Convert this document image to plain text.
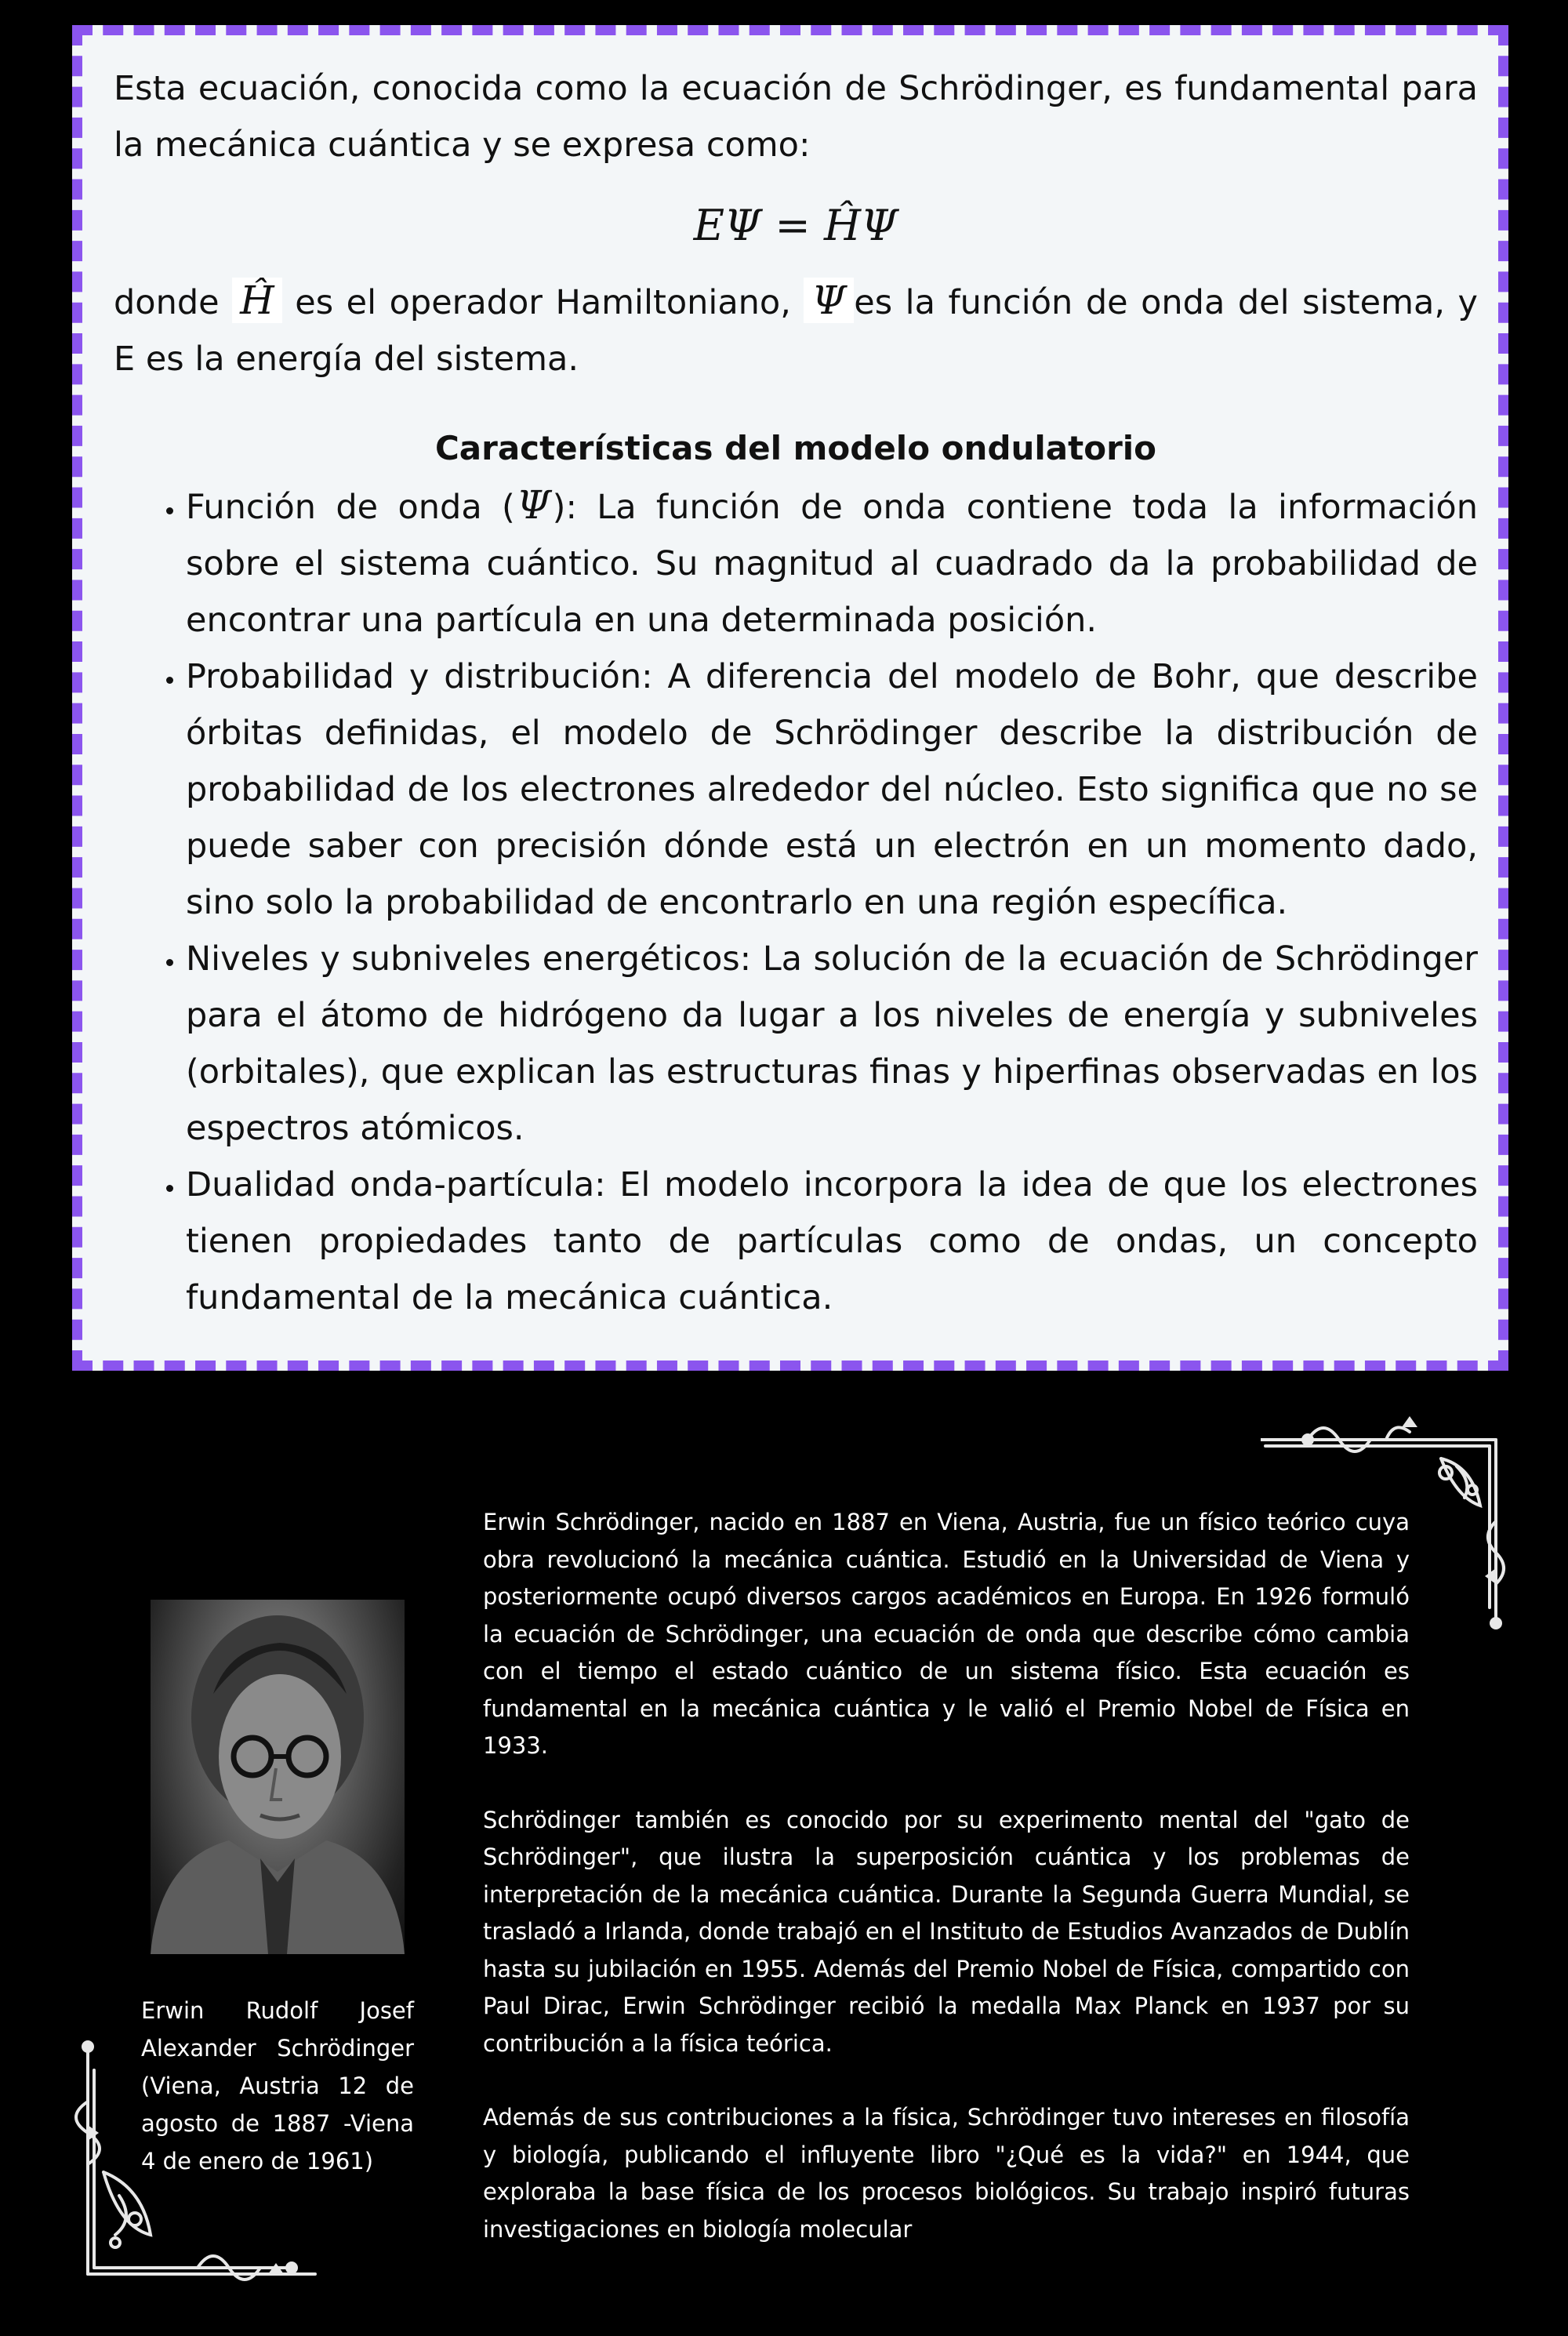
Esta ecuación, conocida como la ecuación de Schrödinger, es fundamental para la mecánica cuántica y se expresa como:

EΨ = ĤΨ

donde Ĥ es el operador Hamiltoniano, Ψ es la función de onda del sistema, y E es la energía del sistema.

Características del modelo ondulatorio
• Función de onda (Ψ): La función de onda contiene toda la información sobre el sistema cuántico. Su magnitud al cuadrado da la probabilidad de encontrar una partícula en una determinada posición.
• Probabilidad y distribución: A diferencia del modelo de Bohr, que describe órbitas definidas, el modelo de Schrödinger describe la distribución de probabilidad de los electrones alrededor del núcleo. Esto significa que no se puede saber con precisión dónde está un electrón en un momento dado, sino solo la probabilidad de encontrarlo en una región específica.
• Niveles y subniveles energéticos: La solución de la ecuación de Schrödinger para el átomo de hidrógeno da lugar a los niveles de energía y subniveles (orbitales), que explican las estructuras finas y hiperfinas observadas en los espectros atómicos.
• Dualidad onda-partícula: El modelo incorpora la idea de que los electrones tienen propiedades tanto de partículas como de ondas, un concepto fundamental de la mecánica cuántica.

Erwin Schrödinger, nacido en 1887 en Viena, Austria, fue un físico teórico cuya obra revolucionó la mecánica cuántica. Estudió en la Universidad de Viena y posteriormente ocupó diversos cargos académicos en Europa. En 1926 formuló la ecuación de Schrödinger, una ecuación de onda que describe cómo cambia con el tiempo el estado cuántico de un sistema físico. Esta ecuación es fundamental en la mecánica cuántica y le valió el Premio Nobel de Física en 1933.

Schrödinger también es conocido por su experimento mental del "gato de Schrödinger", que ilustra la superposición cuántica y los problemas de interpretación de la mecánica cuántica. Durante la Segunda Guerra Mundial, se trasladó a Irlanda, donde trabajó en el Instituto de Estudios Avanzados de Dublín hasta su jubilación en 1955. Además del Premio Nobel de Física, compartido con Paul Dirac, Erwin Schrödinger recibió la medalla Max Planck en 1937 por su contribución a la física teórica.

Además de sus contribuciones a la física, Schrödinger tuvo intereses en filosofía y biología, publicando el influyente libro "¿Qué es la vida?" en 1944, que exploraba la base física de los procesos biológicos. Su trabajo inspiró futuras investigaciones en biología molecular

Erwin Rudolf Josef Alexander Schrödinger (Viena, Austria 12 de agosto de 1887 -Viena 4 de enero de 1961)
